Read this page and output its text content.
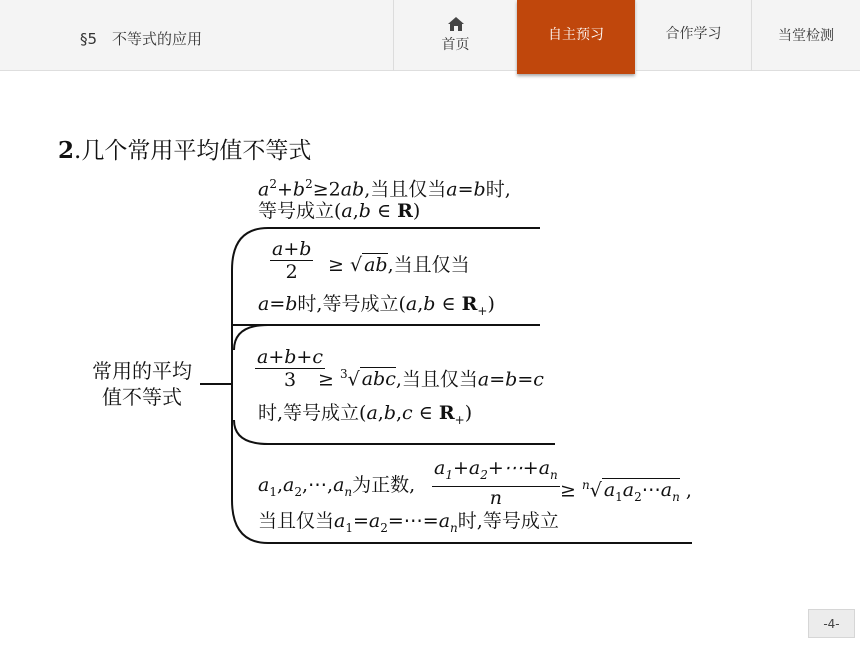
§5　不等式的应用	首页
自主预习	合作学习	当堂检测
2.几个常用平均值不等式
常用的平均值不等式
$a^2+b^2\ge 2ab$,当且仅当a=b时,
等号成立(a,b ∈ R)
$\frac{a+b}{2}$ ≥ √ ab,当且仅当
a=b时,等号成立(a,b ∈ $R_+$)
$\frac{a+b+c}{3}$
≥ $^3$√ abc,当且仅当a=b=c
时,等号成立(a,b,c ∈ $R_+$)
$a_1,a_2,\cdots,a_n$为正数, $\frac{a_1+a_2+\cdots+a_n}{n} \ge ^n√$ $a_1a_2\cdots a_n$ ,
当且仅当$a_1=a_2=\cdots=a_n$时,等号成立
-4-
